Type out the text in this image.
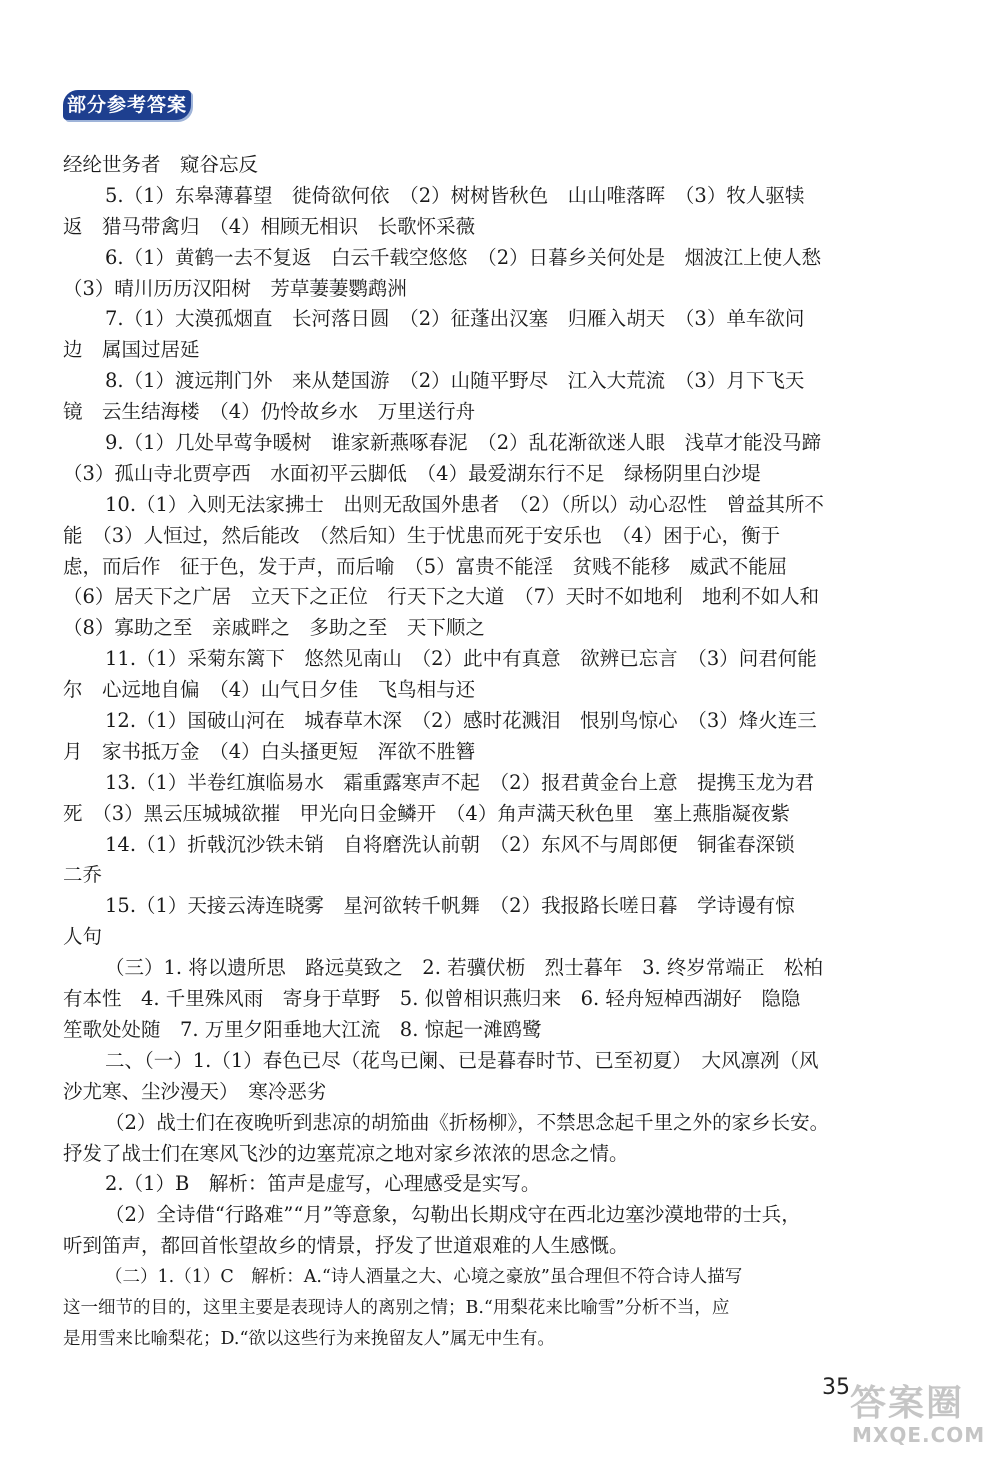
部分参考答案
经纶世务者　窥谷忘反
5.（1）东皋薄暮望　徙倚欲何依　（2）树树皆秋色　山山唯落晖　（3）牧人驱犊
返　猎马带禽归　（4）相顾无相识　长歌怀采薇
6.（1）黄鹤一去不复返　白云千载空悠悠　（2）日暮乡关何处是　烟波江上使人愁
（3）晴川历历汉阳树　芳草萋萋鹦鹉洲
7.（1）大漠孤烟直　长河落日圆　（2）征蓬出汉塞　归雁入胡天　（3）单车欲问
边　属国过居延
8.（1）渡远荆门外　来从楚国游　（2）山随平野尽　江入大荒流　（3）月下飞天
镜　云生结海楼　（4）仍怜故乡水　万里送行舟
9.（1）几处早莺争暖树　谁家新燕啄春泥　（2）乱花渐欲迷人眼　浅草才能没马蹄
（3）孤山寺北贾亭西　水面初平云脚低　（4）最爱湖东行不足　绿杨阴里白沙堤
10.（1）入则无法家拂士　出则无敌国外患者　（2）（所以）动心忍性　曾益其所不
能　（3）人恒过，然后能改　（然后知）生于忧患而死于安乐也　（4）困于心，衡于
虑，而后作　征于色，发于声，而后喻　（5）富贵不能淫　贫贱不能移　威武不能屈
（6）居天下之广居　立天下之正位　行天下之大道　（7）天时不如地利　地利不如人和
（8）寡助之至　亲戚畔之　多助之至　天下顺之
11.（1）采菊东篱下　悠然见南山　（2）此中有真意　欲辨已忘言　（3）问君何能
尔　心远地自偏　（4）山气日夕佳　飞鸟相与还
12.（1）国破山河在　城春草木深　（2）感时花溅泪　恨别鸟惊心　（3）烽火连三
月　家书抵万金　（4）白头搔更短　浑欲不胜簪
13.（1）半卷红旗临易水　霜重露寒声不起　（2）报君黄金台上意　提携玉龙为君
死　（3）黑云压城城欲摧　甲光向日金鳞开　（4）角声满天秋色里　塞上燕脂凝夜紫
14.（1）折戟沉沙铁未销　自将磨洗认前朝　（2）东风不与周郎便　铜雀春深锁
二乔
15.（1）天接云涛连晓雾　星河欲转千帆舞　（2）我报路长嗟日暮　学诗谩有惊
人句
（三）1. 将以遗所思　路远莫致之　2. 若骥伏枥　烈士暮年　3. 终岁常端正　松柏
有本性　4. 千里殊风雨　寄身于草野　5. 似曾相识燕归来　6. 轻舟短棹西湖好　隐隐
笙歌处处随　7. 万里夕阳垂地大江流　8. 惊起一滩鸥鹭
二、（一）1.（1）春色已尽（花鸟已阑、已是暮春时节、已至初夏）　大风凛冽（风
沙尤寒、尘沙漫天）　寒冷恶劣
（2）战士们在夜晚听到悲凉的胡笳曲《折杨柳》，不禁思念起千里之外的家乡长安。
抒发了战士们在寒风飞沙的边塞荒凉之地对家乡浓浓的思念之情。
2.（1）B　解析：笛声是虚写，心理感受是实写。
（2）全诗借“行路难”“月”等意象，勾勒出长期戍守在西北边塞沙漠地带的士兵，
听到笛声，都回首怅望故乡的情景，抒发了世道艰难的人生感慨。
（二）1.（1）C　解析：A.“诗人酒量之大、心境之豪放”虽合理但不符合诗人描写
这一细节的目的，这里主要是表现诗人的离别之情；B.“用梨花来比喻雪”分析不当，应
是用雪来比喻梨花；D.“欲以这些行为来挽留友人”属无中生有。
35 答案圈
MXQE.COM
